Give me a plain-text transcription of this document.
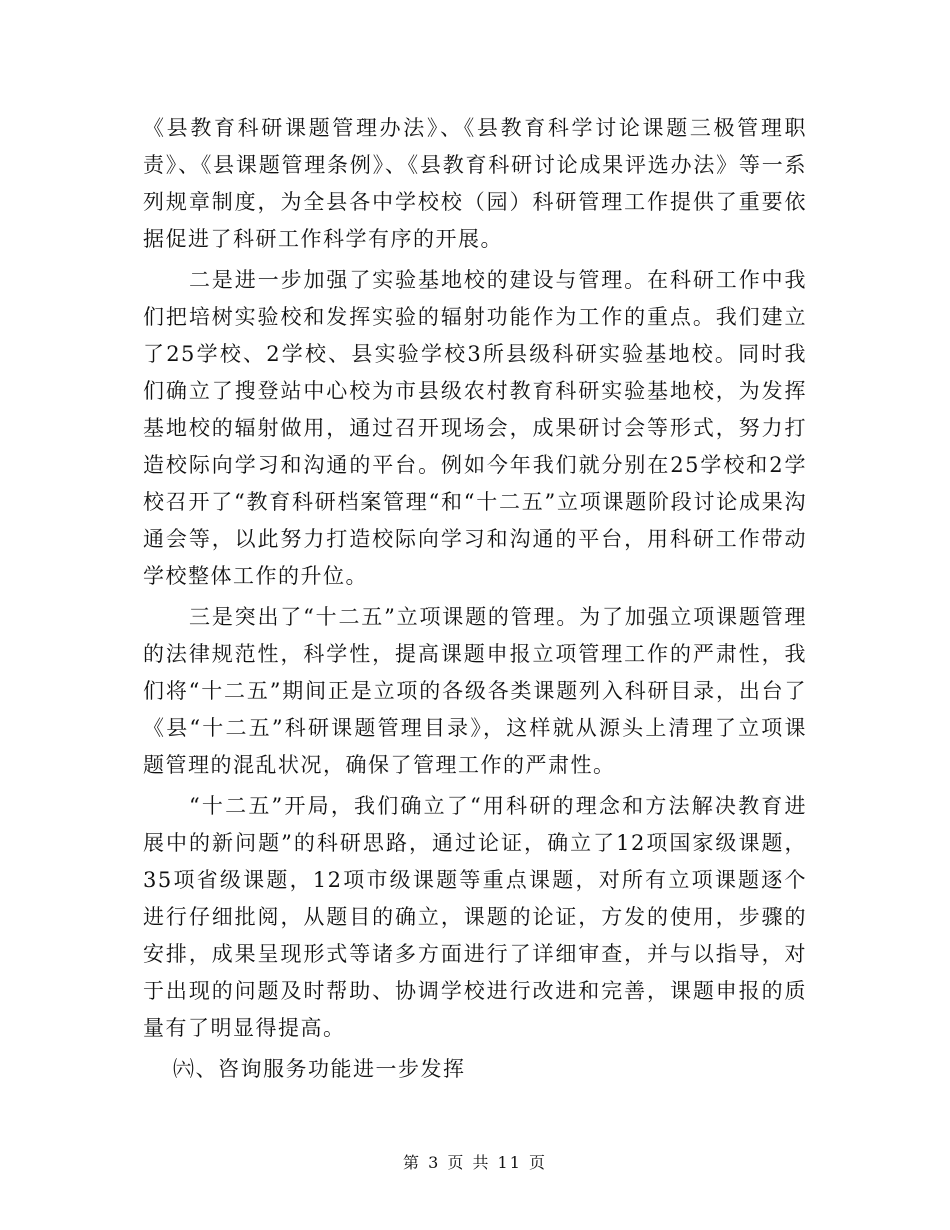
《县教育科研课题管理办法》、《县教育科学讨论课题三极管理职责》、《县课题管理条例》、《县教育科研讨论成果评选办法》等一系列规章制度，为全县各中学校校（园）科研管理工作提供了重要依据促进了科研工作科学有序的开展。

二是进一步加强了实验基地校的建设与管理。在科研工作中我们把培树实验校和发挥实验的辐射功能作为工作的重点。我们建立了25学校、2学校、县实验学校3所县级科研实验基地校。同时我们确立了搜登站中心校为市县级农村教育科研实验基地校，为发挥基地校的辐射做用，通过召开现场会，成果研讨会等形式，努力打造校际向学习和沟通的平台。例如今年我们就分别在25学校和2学校召开了“教育科研档案管理“和“十二五”立项课题阶段讨论成果沟通会等，以此努力打造校际向学习和沟通的平台，用科研工作带动学校整体工作的升位。

三是突出了“十二五”立项课题的管理。为了加强立项课题管理的法律规范性，科学性，提高课题申报立项管理工作的严肃性，我们将“十二五”期间正是立项的各级各类课题列入科研目录，出台了《县“十二五”科研课题管理目录》，这样就从源头上清理了立项课题管理的混乱状况，确保了管理工作的严肃性。

“十二五”开局，我们确立了“用科研的理念和方法解决教育进展中的新问题”的科研思路，通过论证，确立了12项国家级课题，35项省级课题，12项市级课题等重点课题，对所有立项课题逐个进行仔细批阅，从题目的确立，课题的论证，方发的使用，步骤的安排，成果呈现形式等诸多方面进行了详细审查，并与以指导，对于出现的问题及时帮助、协调学校进行改进和完善，课题申报的质量有了明显得提高。

㈥、咨询服务功能进一步发挥

第 3 页 共 11 页
